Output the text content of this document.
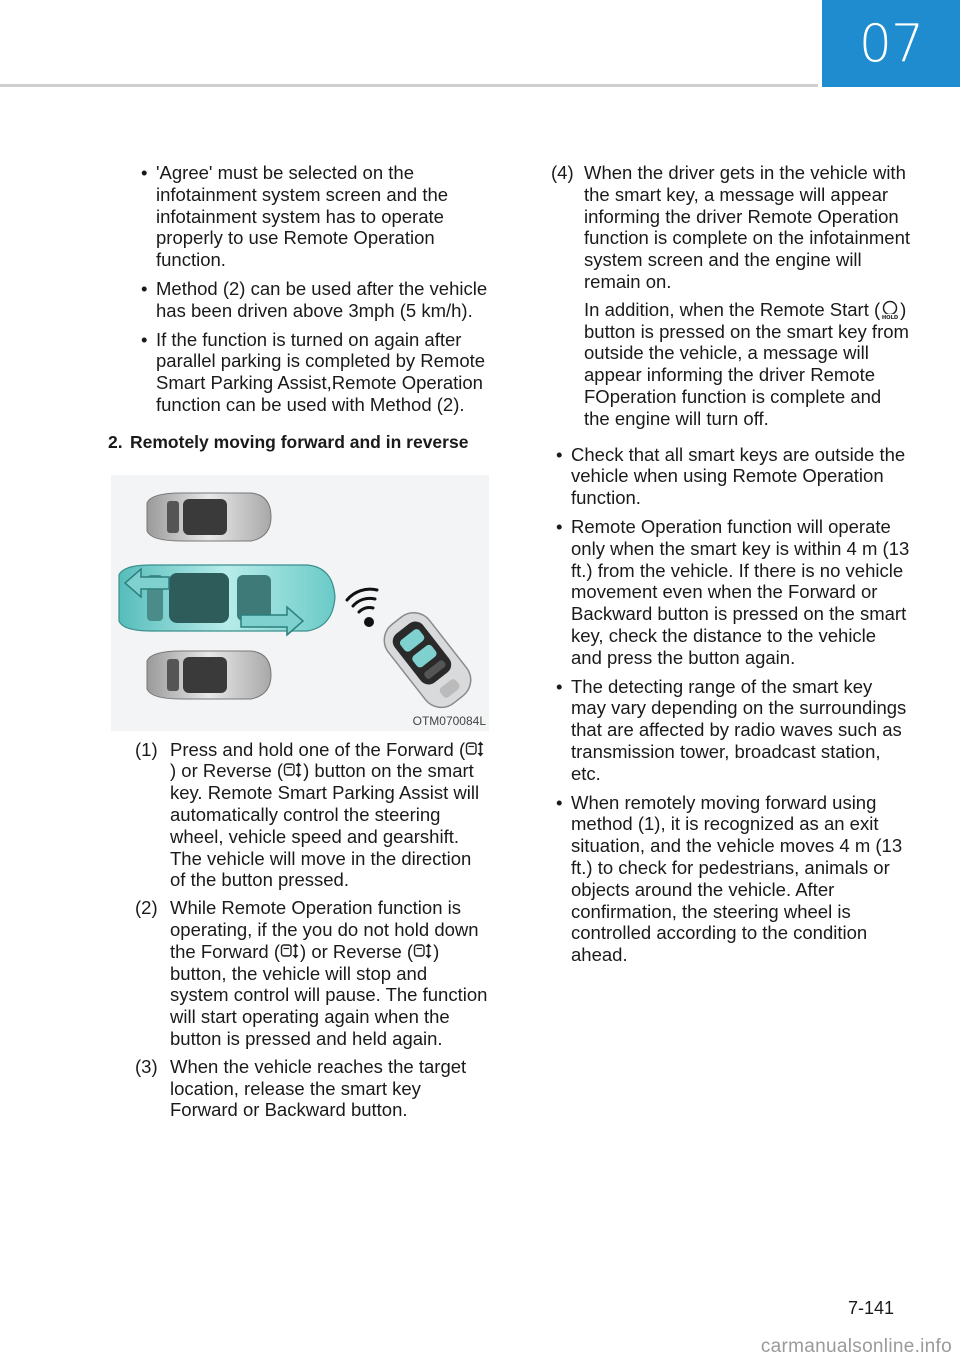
07
• 'Agree' must be selected on the infotainment system screen and the infotainment system has to operate properly to use Remote Operation function.
• Method (2) can be used after the vehicle has been driven above 3mph (5 km/h).
• If the function is turned on again after parallel parking is completed by Remote Smart Parking Assist,Remote Operation function can be used with Method (2).
2. Remotely moving forward and in reverse
OTM070084L
(1) Press and hold one of the Forward () or Reverse ( ) button on the smart key. Remote Smart Parking Assist will automatically control the steering wheel, vehicle speed and gearshift. The vehicle will move in the direction of the button pressed.
(2) While Remote Operation function is operating, if the you do not hold down the Forward ( ) or Reverse ( ) button, the vehicle will stop and system control will pause. The function will start operating again when the button is pressed and held again.
(3) When the vehicle reaches the target location, release the smart key Forward or Backward button.
(4) When the driver gets in the vehicle with the smart key, a message will appear informing the driver Remote Operation function is complete on the infotainment system screen and the engine will remain on.
In addition, when the Remote Start ( HOLD ) button is pressed on the smart key from outside the vehicle, a message will appear informing the driver Remote FOperation function is complete and the engine will turn off.
• Check that all smart keys are outside the vehicle when using Remote Operation function.
• Remote Operation function will operate only when the smart key is within 4 m (13 ft.) from the vehicle. If there is no vehicle movement even when the Forward or Backward button is pressed on the smart key, check the distance to the vehicle and press the button again.
• The detecting range of the smart key may vary depending on the surroundings that are affected by radio waves such as transmission tower, broadcast station, etc.
• When remotely moving forward using method (1), it is recognized as an exit situation, and the vehicle moves 4 m (13 ft.) to check for pedestrians, animals or objects around the vehicle. After confirmation, the steering wheel is controlled according to the condition ahead.
7-141
carmanualsonline.info
